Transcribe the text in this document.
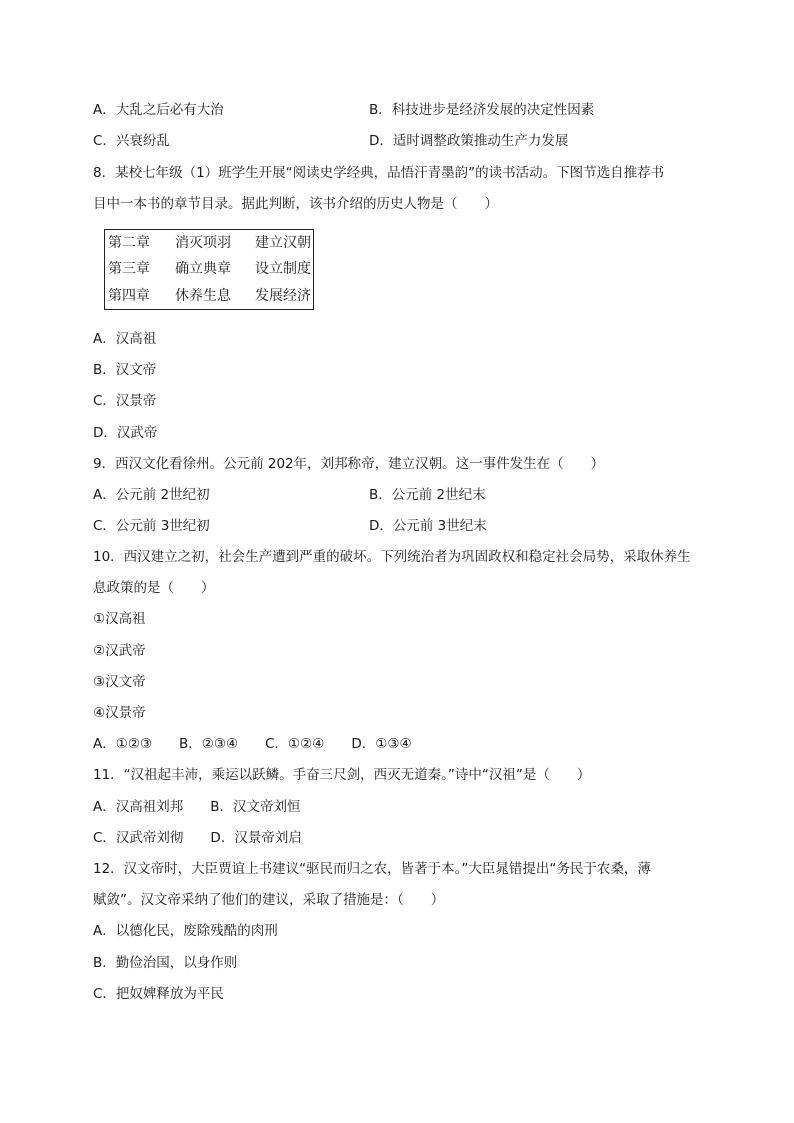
A．大乱之后必有大治	B．科技进步是经济发展的决定性因素
C．兴衰纷乱	D．适时调整政策推动生产力发展
8．某校七年级（1）班学生开展“阅读史学经典，品悟汗青墨韵”的读书活动。下图节选自推荐书
目中一本书的章节目录。据此判断，该书介绍的历史人物是（　　）
第二章 消灭项羽 建立汉朝
第三章 确立典章 设立制度
第四章 休养生息 发展经济
A．汉高祖
B．汉文帝
C．汉景帝
D．汉武帝
9．西汉文化看徐州。公元前 202年，刘邦称帝，建立汉朝。这一事件发生在（　　）
A．公元前 2世纪初	B．公元前 2世纪末
C．公元前 3世纪初	D．公元前 3世纪末
10．西汉建立之初，社会生产遭到严重的破坏。下列统治者为巩固政权和稳定社会局势，采取休养生
息政策的是（　　）
①汉高祖
②汉武帝
③汉文帝
④汉景帝
A．①②③　　B．②③④　　C．①②④　　D．①③④
11．“汉祖起丰沛，乘运以跃鳞。手奋三尺剑，西灭无道秦。”诗中“汉祖”是（　　）
A．汉高祖刘邦　　B．汉文帝刘恒
C．汉武帝刘彻　　D．汉景帝刘启
12．汉文帝时，大臣贾谊上书建议“驱民而归之农，皆著于本。”大臣晁错提出“务民于农桑，薄
赋敛”。汉文帝采纳了他们的建议，采取了措施是：（　　）
A．以德化民，废除残酷的肉刑
B．勤俭治国，以身作则
C．把奴婢释放为平民
